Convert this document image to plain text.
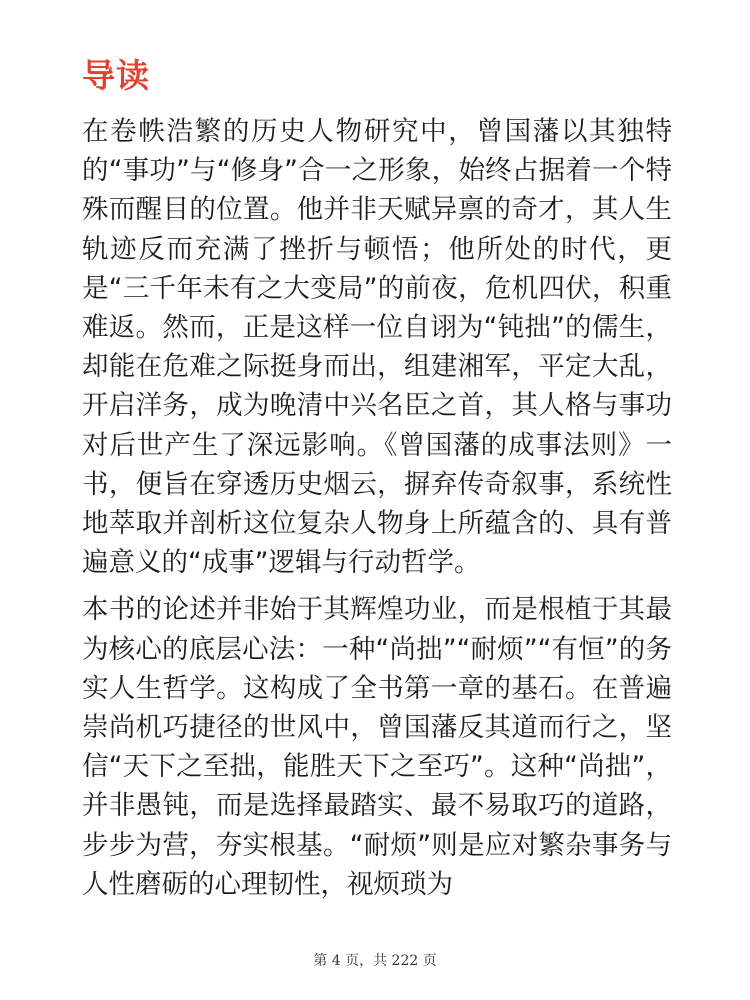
导读

在卷帙浩繁的历史人物研究中，曾国藩以其独特的“事功”与“修身”合一之形象，始终占据着一个特殊而醒目的位置。他并非天赋异禀的奇才，其人生轨迹反而充满了挫折与顿悟；他所处的时代，更是“三千年未有之大变局”的前夜，危机四伏，积重难返。然而，正是这样一位自诩为“钝拙”的儒生，却能在危难之际挺身而出，组建湘军，平定大乱，开启洋务，成为晚清中兴名臣之首，其人格与事功对后世产生了深远影响。《曾国藩的成事法则》一书，便旨在穿透历史烟云，摒弃传奇叙事，系统性地萃取并剖析这位复杂人物身上所蕴含的、具有普遍意义的“成事”逻辑与行动哲学。

本书的论述并非始于其辉煌功业，而是根植于其最为核心的底层心法：一种“尚拙”“耐烦”“有恒”的务实人生哲学。这构成了全书第一章的基石。在普遍崇尚机巧捷径的世风中，曾国藩反其道而行之，坚信“天下之至拙，能胜天下之至巧”。这种“尚拙”，并非愚钝，而是选择最踏实、最不易取巧的道路，步步为营，夯实根基。“耐烦”则是应对繁杂事务与人性磨砺的心理韧性，视烦琐为

第 4 页，共 222 页
